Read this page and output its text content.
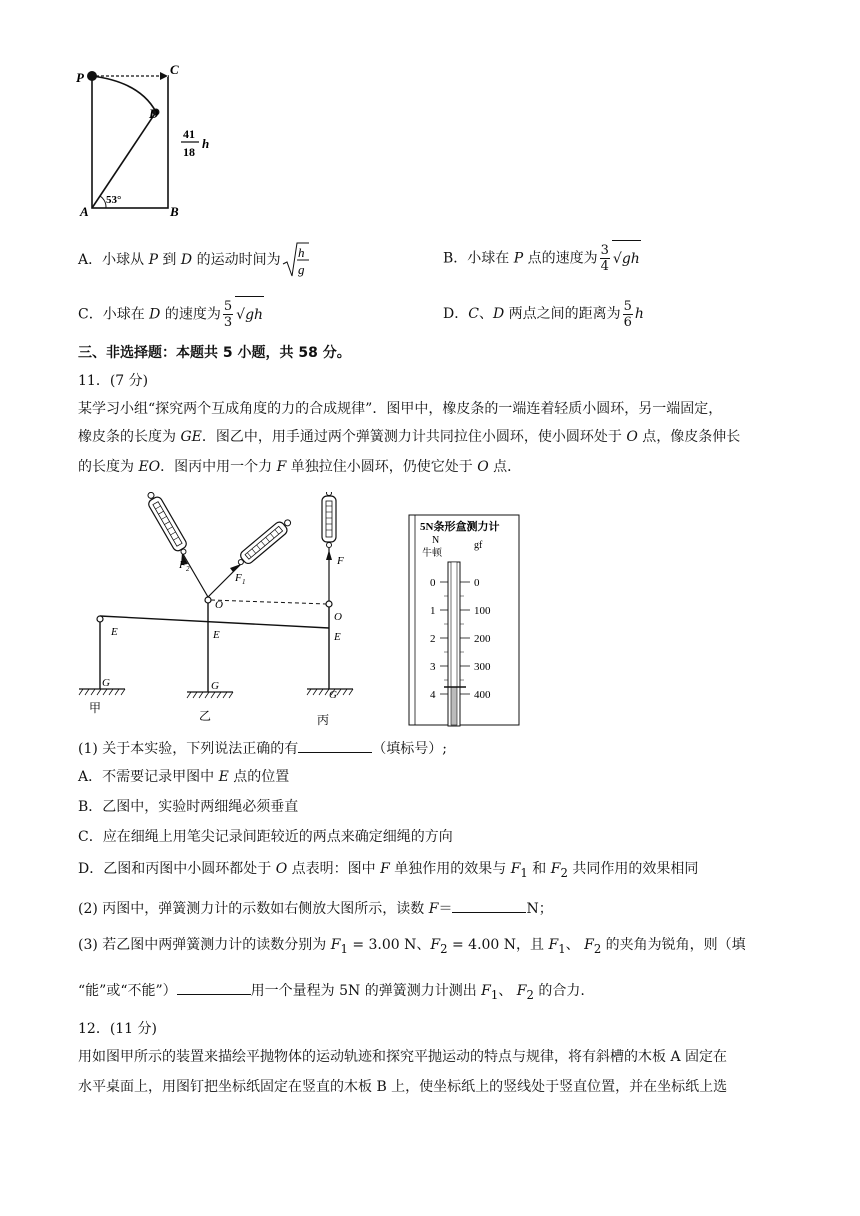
P
C
D
A	B
53°
41
18
h
A．小球从 P 到 D 的运动时间为 h
g
B．小球在 P 点的速度为 $\frac{3}{4} √gh$
C．小球在 D 的速度为 $\frac{5}{3} √gh$	D．C、D 两点之间的距离为 $\frac{5}{6}$ h
三、非选择题：本题共 5 小题，共 58 分。
11．(7 分)
某学习小组“探究两个互成角度的力的合成规律”．图甲中，橡皮条的一端连着轻质小圆环，另一端固定，
橡皮条的长度为 GE．图乙中，用手通过两个弹簧测力计共同拉住小圆环，使小圆环处于 O 点，像皮条伸长
的长度为 EO．图丙中用一个力 F 单独拉住小圆环，仍使它处于 O 点．
F 2
F 1
F
O
O
E	E	E
G	G
G
甲
乙	丙
5N条形盒测力计
N
牛顿
gf
0
1
2
3
4
0
100
200
300
400
(1) 关于本实验，下列说法正确的有	（填标号）;
A．不需要记录甲图中 E 点的位置
B．乙图中，实验时两细绳必须垂直
C．应在细绳上用笔尖记录间距较近的两点来确定细绳的方向
D．乙图和丙图中小圆环都处于 O 点表明：图中 F 单独作用的效果与 $F_1$ 和 $F_2$ 共同作用的效果相同
(2) 丙图中，弹簧测力计的示数如右侧放大图所示，读数 F＝	N；
(3) 若乙图中两弹簧测力计的读数分别为 $F_1 = 3.00$ N、$F_2 = 4.00$ N，且 $F_1$、 $F_2$ 的夹角为锐角，则（填
“能”或“不能”）	用一个量程为 5N 的弹簧测力计测出 $F_1$、 $F_2$ 的合力.
12．(11 分)
用如图甲所示的装置来描绘平抛物体的运动轨迹和探究平抛运动的特点与规律，将有斜槽的木板 A 固定在
水平桌面上，用图钉把坐标纸固定在竖直的木板 B 上，使坐标纸上的竖线处于竖直位置，并在坐标纸上选
